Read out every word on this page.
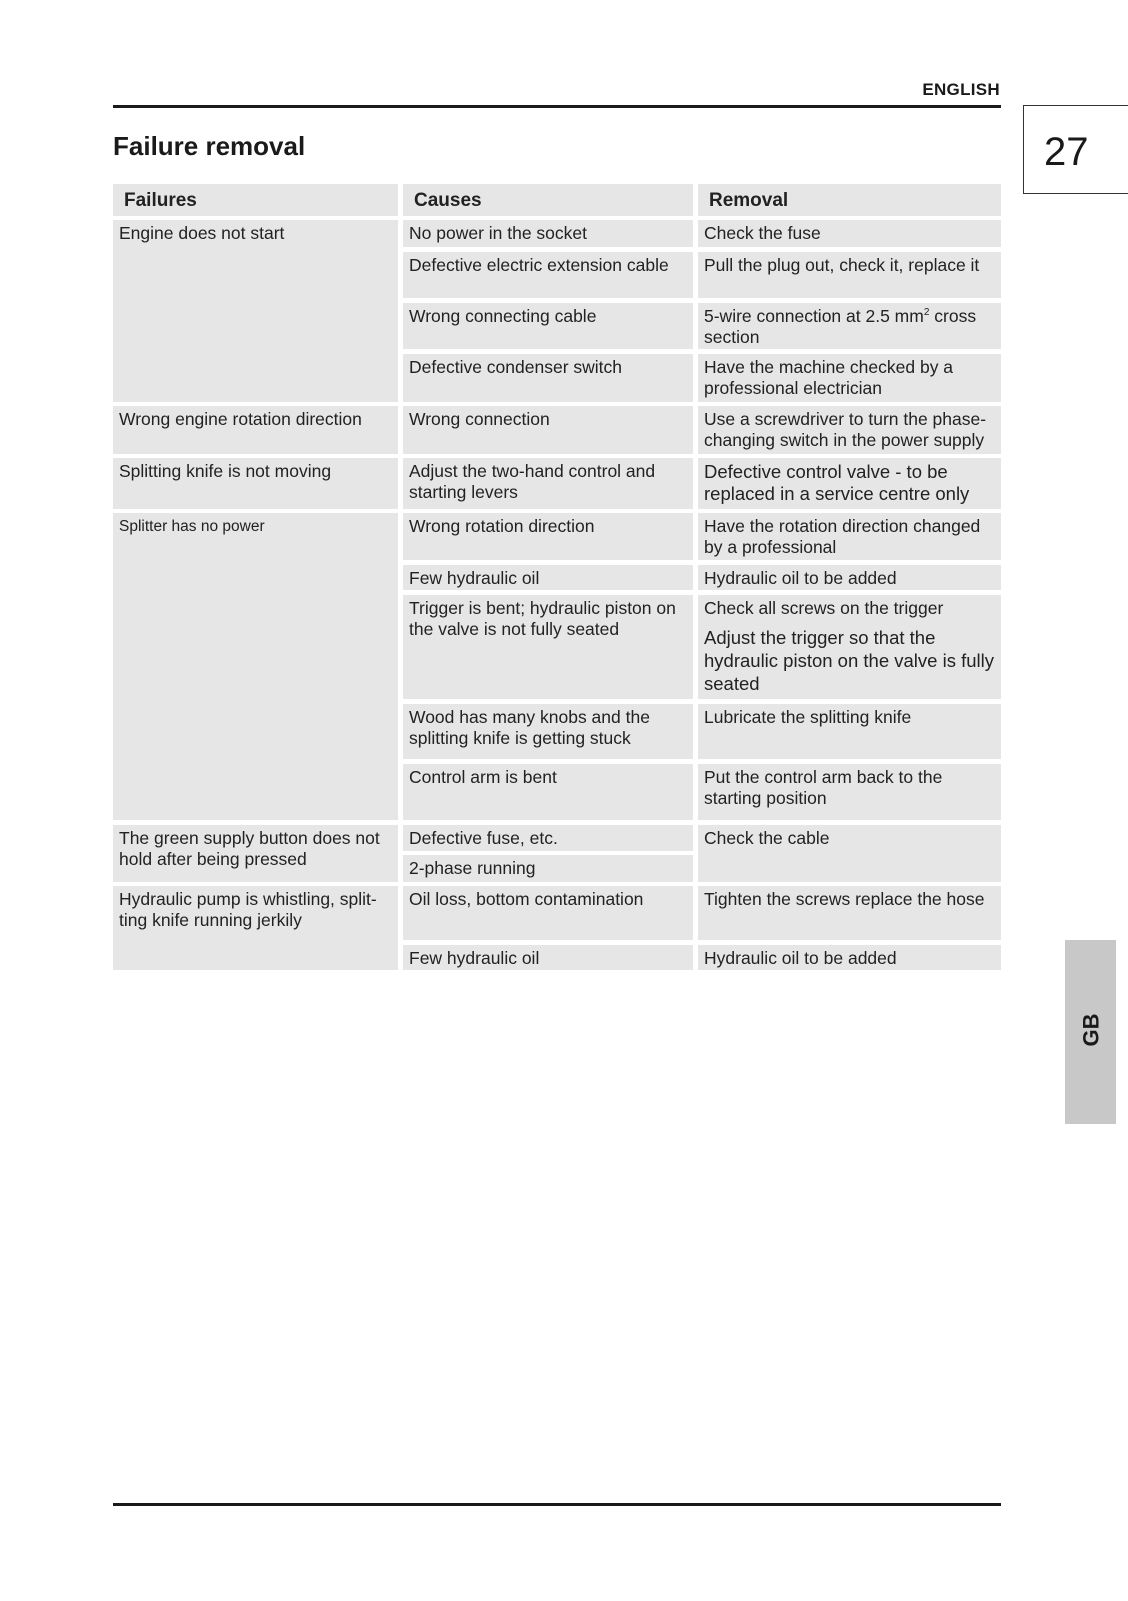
ENGLISH
27
Failure removal
Failures	Causes	Removal
Engine does not start
Wrong engine rotation direction
Splitting knife is not moving
Splitter has no power
The green supply button does not hold after being pressed
Hydraulic pump is whistling, split-ting knife running jerkily
No power in the socket
Defective electric extension cable
Wrong connecting cable
Defective condenser switch
Wrong connection
Adjust the two-hand control and starting levers
Wrong rotation direction
Few hydraulic oil
Trigger is bent; hydraulic piston on the valve is not fully seated
Wood has many knobs and the splitting knife is getting stuck
Control arm is bent
Defective fuse, etc.
2-phase running
Oil loss, bottom contamination
Few hydraulic oil
Check the fuse
Pull the plug out, check it, replace it
5-wire connection at 2.5 $mm^2$ cross section
Have the machine checked by a professional electrician
Use a screwdriver to turn the phase-changing switch in the power supply
Defective control valve - to be replaced in a service centre only
Have the rotation direction changed by a professional
Hydraulic oil to be added
Check all screws on the trigger
Adjust the trigger so that the hydraulic piston on the valve is fully seated
Lubricate the splitting knife
Put the control arm back to the starting position
Check the cable
Tighten the screws replace the hose
Hydraulic oil to be added
GB
